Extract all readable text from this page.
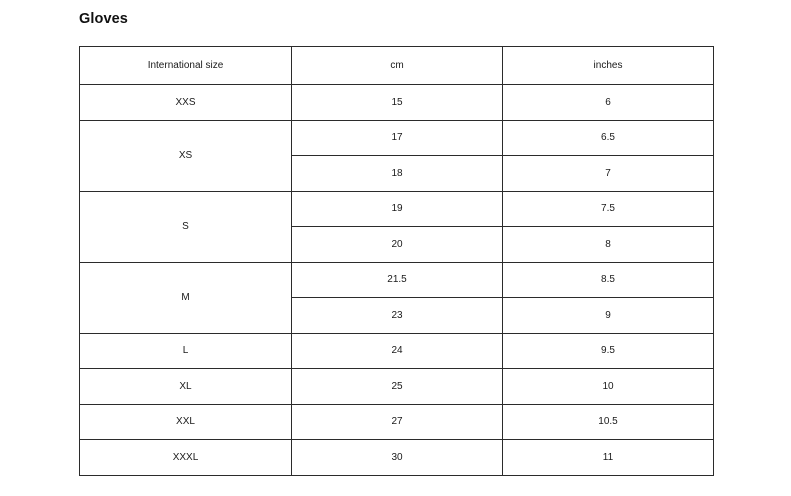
Gloves
International size	cm	inches
XXS	15	6
XS	17	6.5
	18	7
S	19	7.5
	20	8
M	21.5	8.5
	23	9
L	24	9.5
XL	25	10
XXL	27	10.5
XXXL	30	11
